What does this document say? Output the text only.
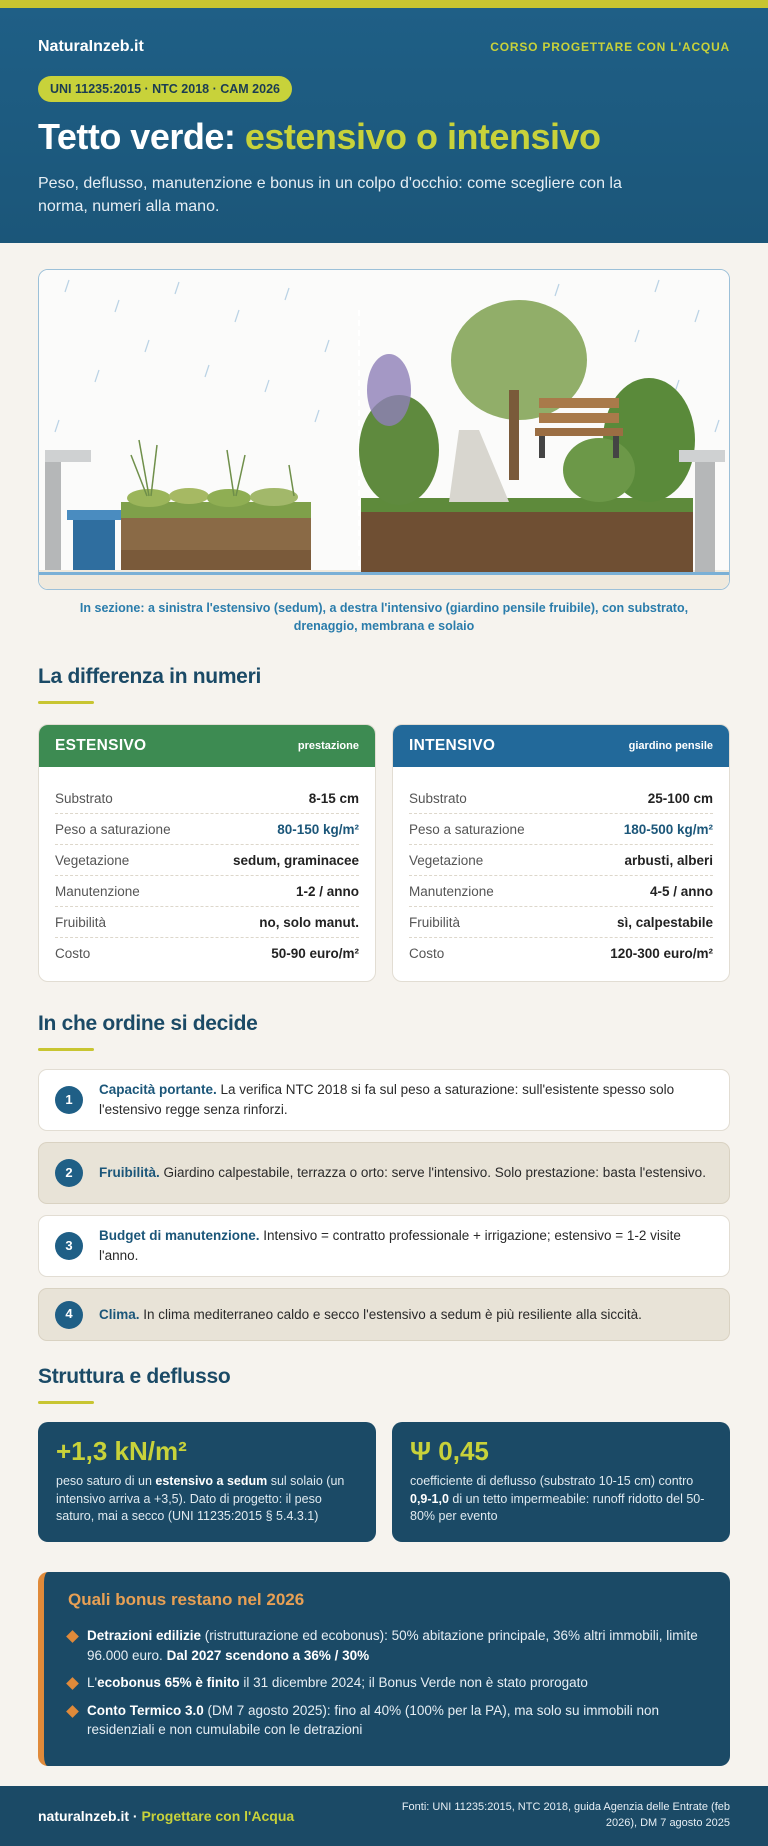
NaturaInzeb.it	CORSO PROGETTARE CON L'ACQUA
UNI 11235:2015 · NTC 2018 · CAM 2026
Tetto verde: estensivo o intensivo

Peso, deflusso, manutenzione e bonus in un colpo d'occhio: come scegliere con la norma, numeri alla mano.

In sezione: a sinistra l'estensivo (sedum), a destra l'intensivo (giardino pensile fruibile), con substrato, drenaggio, membrana e solaio

La differenza in numeri
ESTENSIVO	prestazione
Substrato	8-15 cm
Peso a saturazione	80-150 kg/m²
Vegetazione	sedum, graminacee
Manutenzione	1-2 / anno
Fruibilità	no, solo manut.
Costo	50-90 euro/m²
INTENSIVO	giardino pensile
Substrato	25-100 cm
Peso a saturazione	180-500 kg/m²
Vegetazione	arbusti, alberi
Manutenzione	4-5 / anno
Fruibilità	sì, calpestabile
Costo	120-300 euro/m²
In che ordine si decide
1
Capacità portante. La verifica NTC 2018 si fa sul peso a saturazione: sull'esistente spesso solo l'estensivo regge senza rinforzi.
2	Fruibilità. Giardino calpestabile, terrazza o orto: serve l'intensivo. Solo prestazione: basta l'estensivo.
3
Budget di manutenzione. Intensivo = contratto professionale + irrigazione; estensivo = 1-2 visite l'anno.
4	Clima. In clima mediterraneo caldo e secco l'estensivo a sedum è più resiliente alla siccità.
Struttura e deflusso
+1,3 kN/m²
peso saturo di un estensivo a sedum sul solaio (un intensivo arriva a +3,5). Dato di progetto: il peso saturo, mai a secco (UNI 11235:2015 § 5.4.3.1)
Ψ 0,45
coefficiente di deflusso (substrato 10-15 cm) contro 0,9-1,0 di un tetto impermeabile: runoff ridotto del 50-80% per evento
Quali bonus restano nel 2026
Detrazioni edilizie (ristrutturazione ed ecobonus): 50% abitazione principale, 36% altri immobili, limite 96.000 euro. Dal 2027 scendono a 36% / 30%
L'ecobonus 65% è finito il 31 dicembre 2024; il Bonus Verde non è stato prorogato
Conto Termico 3.0 (DM 7 agosto 2025): fino al 40% (100% per la PA), ma solo su immobili non residenziali e non cumulabile con le detrazioni
naturalnzeb.it · Progettare con l'Acqua
Fonti: UNI 11235:2015, NTC 2018, guida Agenzia delle Entrate (feb 2026), DM 7 agosto 2025
